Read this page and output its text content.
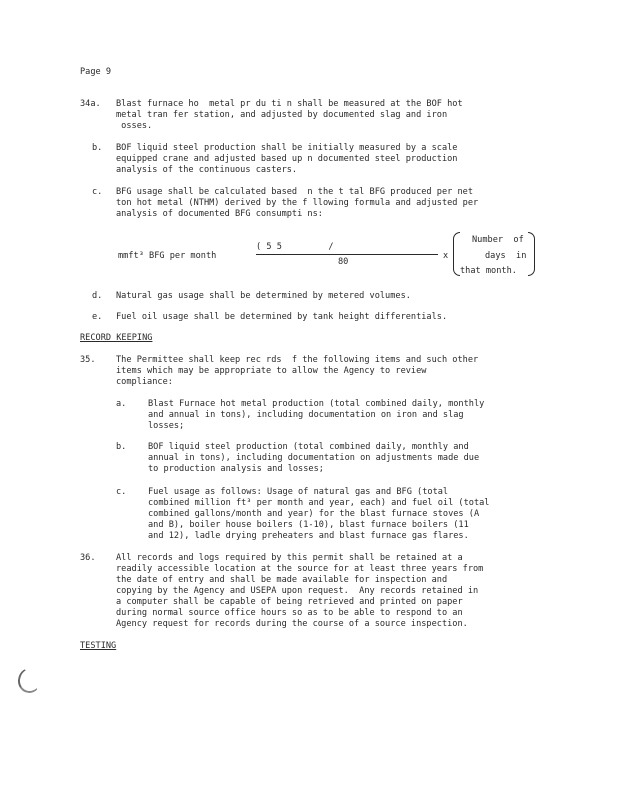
Page 9
34a. Blast furnace ho  metal pr du ti n shall be measured at the BOF hot
metal tran fer station, and adjusted by documented slag and iron
osses.
b. BOF liquid steel production shall be initially measured by a scale
equipped crane and adjusted based up n documented steel production
analysis of the continuous casters.
c. BFG usage shall be calculated based  n the t tal BFG produced per net
ton hot metal (NTHM) derived by the f llowing formula and adjusted per
analysis of documented BFG consumpti ns:
mmft³ BFG per month
( 5 5         /
80
x
Number  of
days  in
that month.
d. Natural gas usage shall be determined by metered volumes.
e. Fuel oil usage shall be determined by tank height differentials.
RECORD KEEPING
35. The Permittee shall keep rec rds  f the following items and such other
items which may be appropriate to allow the Agency to review
compliance:
a.	Blast Furnace hot metal production (total combined daily, monthly
and annual in tons), including documentation on iron and slag
losses;
b.	BOF liquid steel production (total combined daily, monthly and
annual in tons), including documentation on adjustments made due
to production analysis and losses;
c.	Fuel usage as follows: Usage of natural gas and BFG (total
combined million ft³ per month and year, each) and fuel oil (total
combined gallons/month and year) for the blast furnace stoves (A
and B), boiler house boilers (1-10), blast furnace boilers (11
and 12), ladle drying preheaters and blast furnace gas flares.
36. All records and logs required by this permit shall be retained at a
readily accessible location at the source for at least three years from
the date of entry and shall be made available for inspection and
copying by the Agency and USEPA upon request.  Any records retained in
a computer shall be capable of being retrieved and printed on paper
during normal source office hours so as to be able to respond to an
Agency request for records during the course of a source inspection.
TESTING
